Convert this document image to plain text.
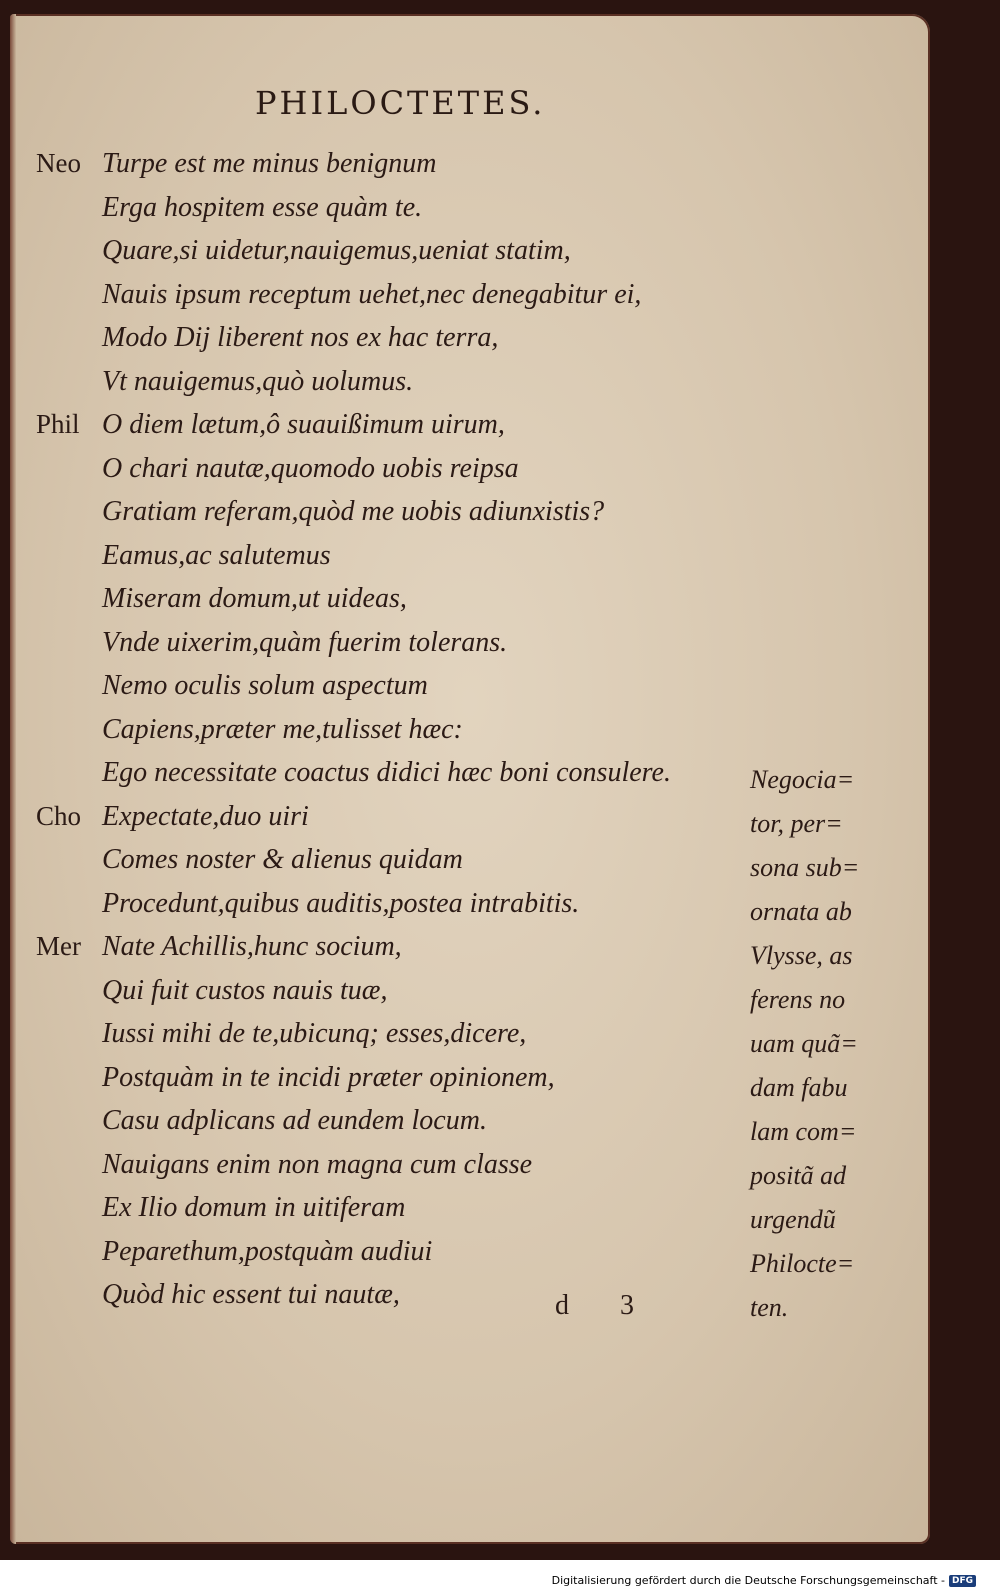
PHILOCTETES.
Neo Turpe est me minus benignum
Erga hospitem esse quàm te.
Quare,si uidetur,nauigemus,ueniat statim,
Nauis ipsum receptum uehet,nec denegabitur ei,
Modo Dij liberent nos ex hac terra,
Vt nauigemus,quò uolumus.
Phil O diem lætum,ô suauißimum uirum,
O chari nautæ,quomodo uobis reipsa
Gratiam referam,quòd me uobis adiunxistis?
Eamus,ac salutemus
Miseram domum,ut uideas,
Vnde uixerim,quàm fuerim tolerans.
Nemo oculis solum aspectum
Capiens,præter me,tulisset hæc:
Ego necessitate coactus didici hæc boni consulere.
Cho Expectate,duo uiri
Comes noster & alienus quidam
Procedunt,quibus auditis,postea intrabitis.
Mer Nate Achillis,hunc socium,
Qui fuit custos nauis tuæ,
Iussi mihi de te,ubicunq; esses,dicere,
Postquàm in te incidi præter opinionem,
Casu adplicans ad eundem locum.
Nauigans enim non magna cum classe
Ex Ilio domum in uitiferam
Peparethum,postquàm audiui
Quòd hic essent tui nautæ,
Negocia=
tor, per=
sona sub=
ornata ab
Vlysse, as
ferens no
uam quã=
dam fabu
lam com=
positã ad
urgendũ
Philocte=
ten.
d 3
Digitalisierung gefördert durch die Deutsche Forschungsgemeinschaft - DFG
